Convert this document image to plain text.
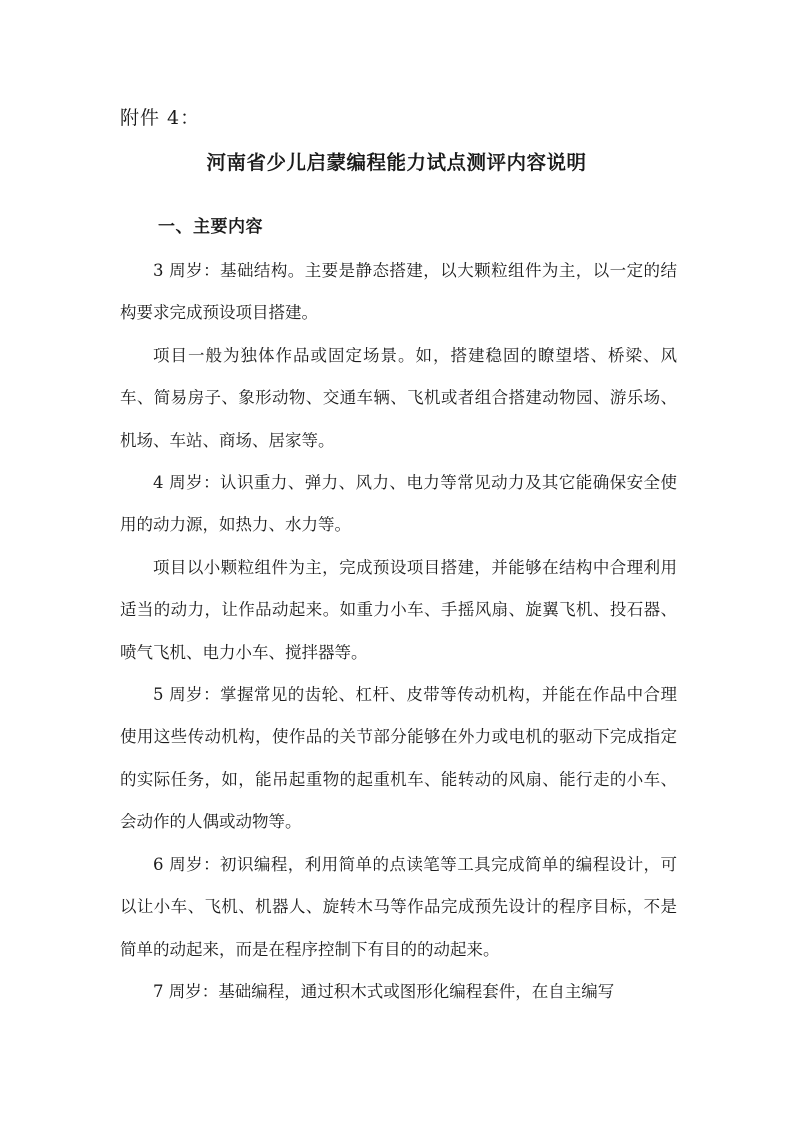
附件 4：
河南省少儿启蒙编程能力试点测评内容说明
一、主要内容

3 周岁：基础结构。主要是静态搭建，以大颗粒组件为主，以一定的结构要求完成预设项目搭建。

项目一般为独体作品或固定场景。如，搭建稳固的瞭望塔、桥梁、风车、简易房子、象形动物、交通车辆、飞机或者组合搭建动物园、游乐场、机场、车站、商场、居家等。

4 周岁：认识重力、弹力、风力、电力等常见动力及其它能确保安全使用的动力源，如热力、水力等。

项目以小颗粒组件为主，完成预设项目搭建，并能够在结构中合理利用适当的动力，让作品动起来。如重力小车、手摇风扇、旋翼飞机、投石器、喷气飞机、电力小车、搅拌器等。

5 周岁：掌握常见的齿轮、杠杆、皮带等传动机构，并能在作品中合理使用这些传动机构，使作品的关节部分能够在外力或电机的驱动下完成指定的实际任务，如，能吊起重物的起重机车、能转动的风扇、能行走的小车、会动作的人偶或动物等。

6 周岁：初识编程，利用简单的点读笔等工具完成简单的编程设计，可以让小车、飞机、机器人、旋转木马等作品完成预先设计的程序目标，不是简单的动起来，而是在程序控制下有目的的动起来。

7 周岁：基础编程，通过积木式或图形化编程套件，在自主编写
